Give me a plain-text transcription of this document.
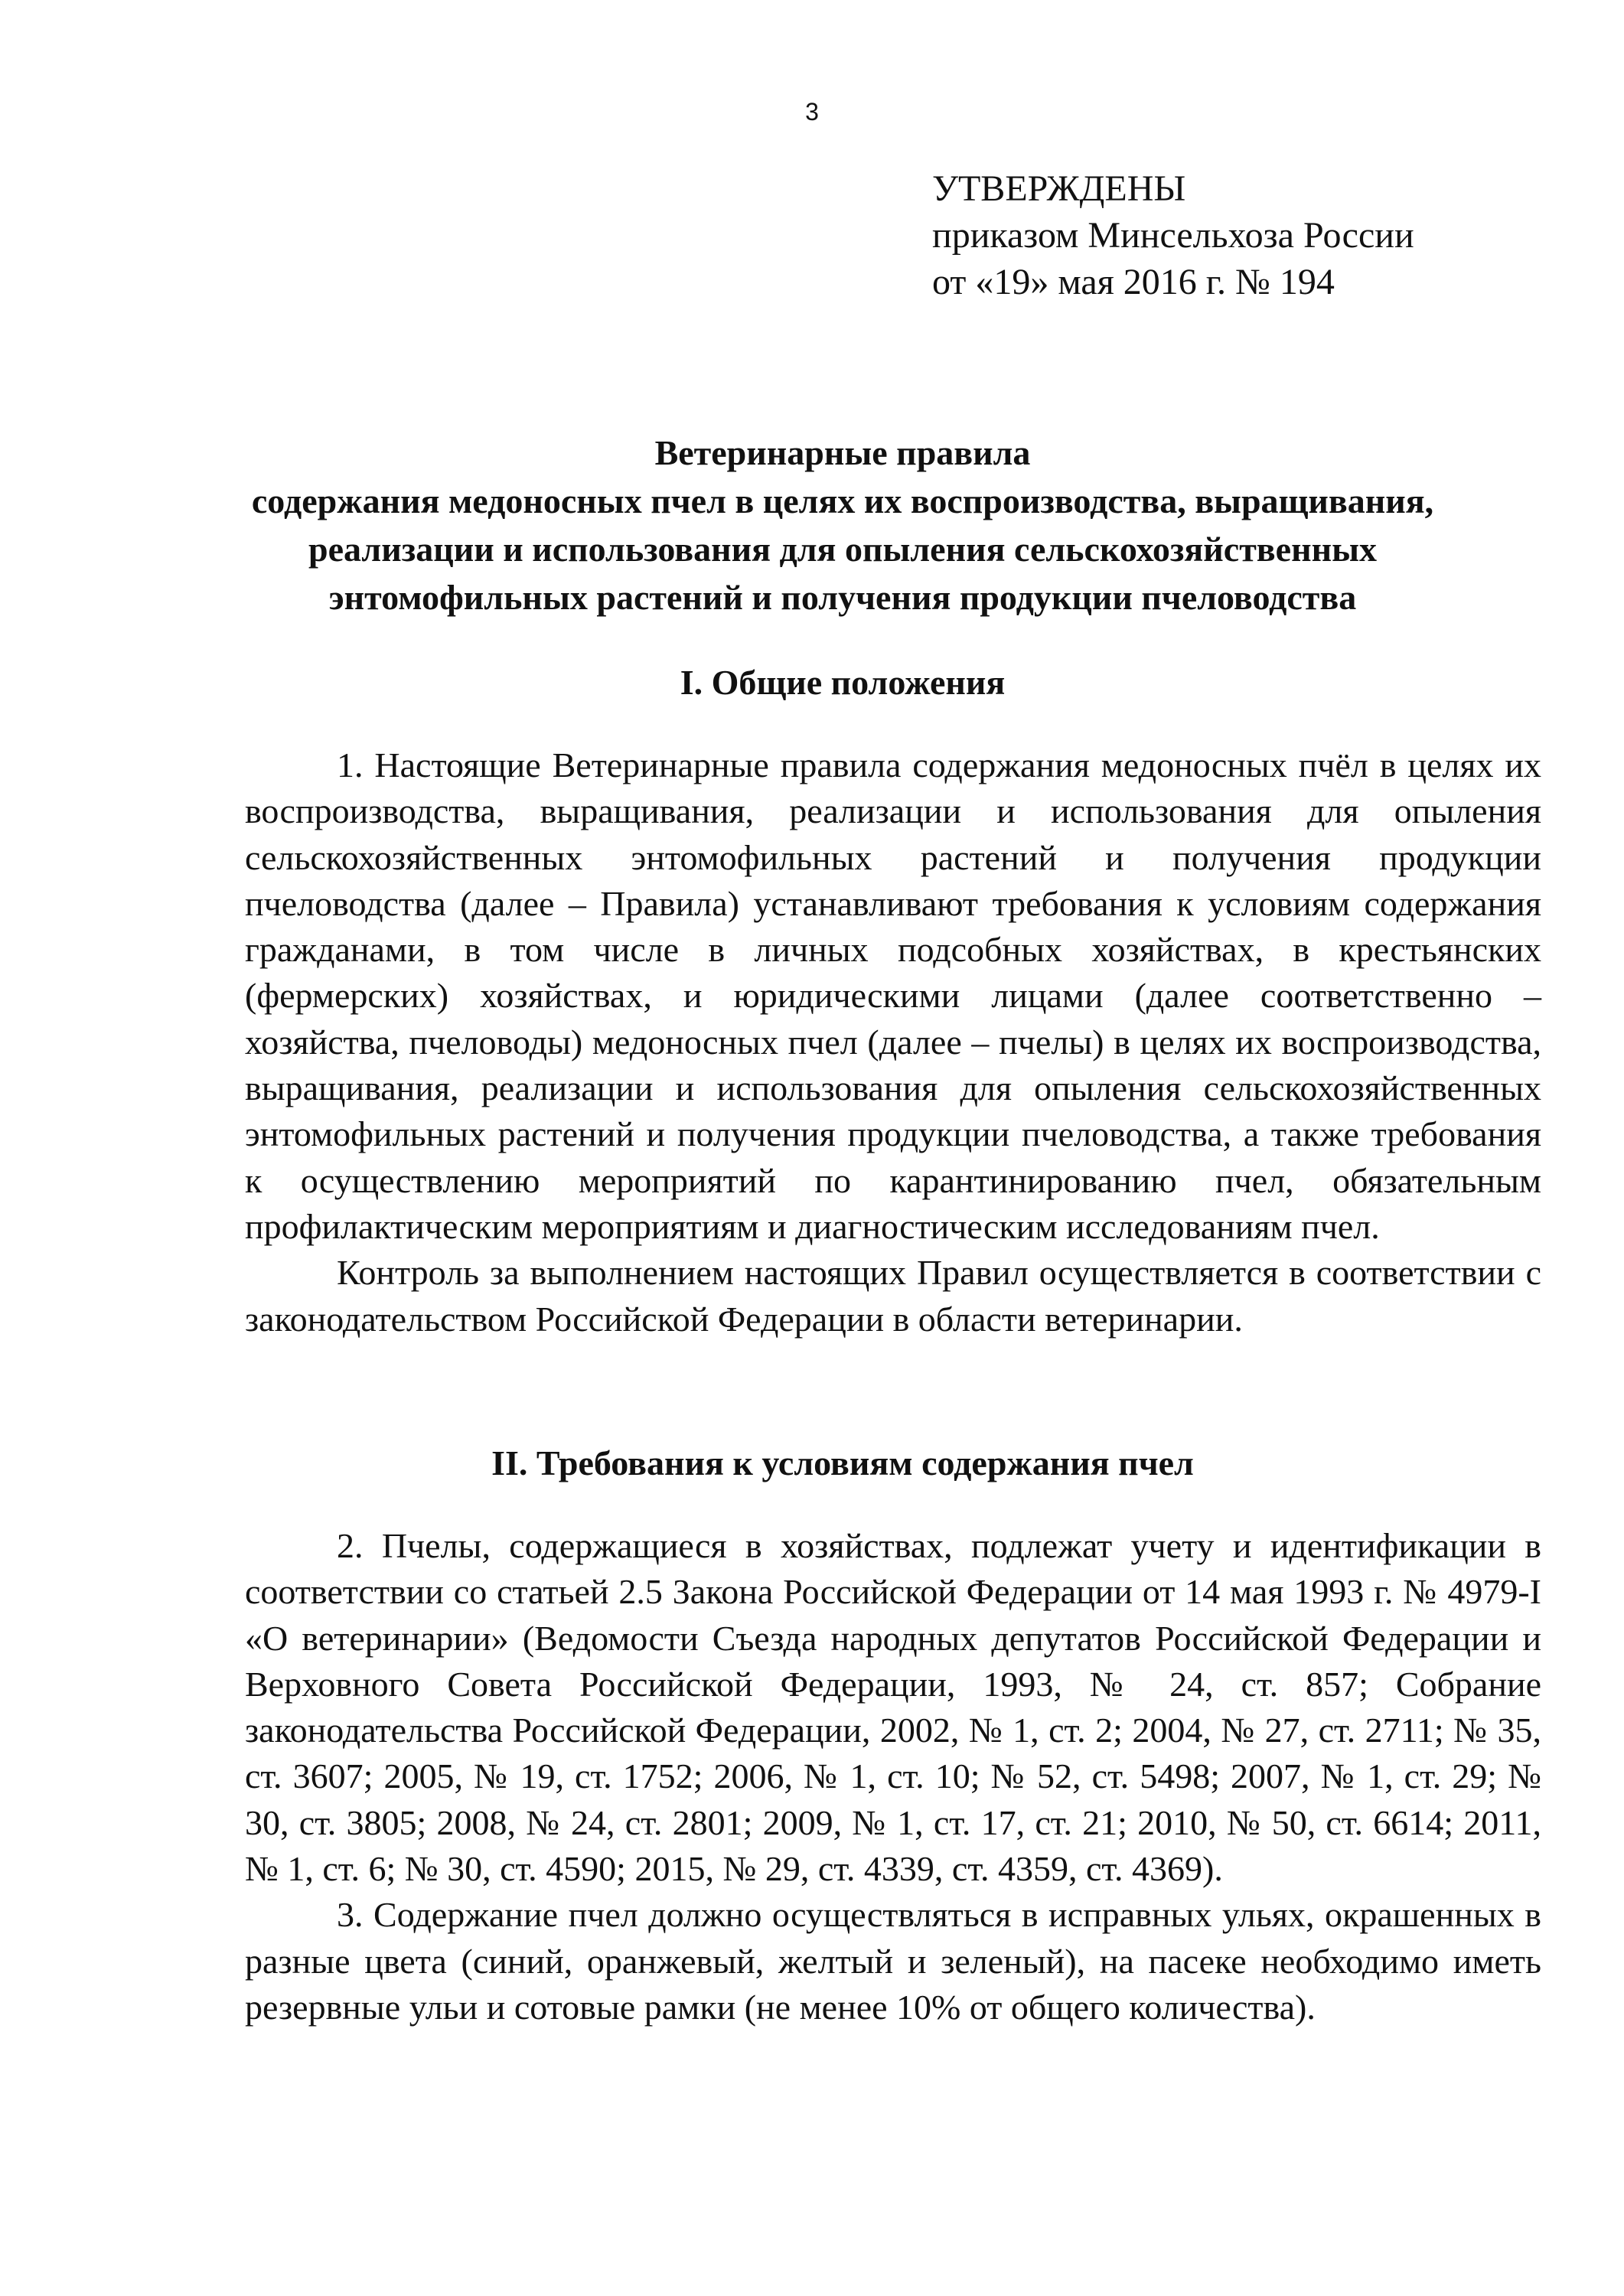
3
УТВЕРЖДЕНЫ
приказом Минсельхоза России
от «19» мая 2016 г. № 194
Ветеринарные правила
содержания медоносных пчел в целях их воспроизводства, выращивания,
реализации и использования для опыления сельскохозяйственных
энтомофильных растений и получения продукции пчеловодства
I. Общие положения

1. Настоящие Ветеринарные правила содержания медоносных пчёл в целях их воспроизводства, выращивания, реализации и использования для опыления сельскохозяйственных энтомофильных растений и получения продукции пчеловодства (далее – Правила) устанавливают требования к условиям содержания гражданами, в том числе в личных подсобных хозяйствах, в крестьянских (фермерских) хозяйствах, и юридическими лицами (далее соответственно – хозяйства, пчеловоды) медоносных пчел (далее – пчелы) в целях их воспроизводства, выращивания, реализации и использования для опыления сельскохозяйственных энтомофильных растений и получения продукции пчеловодства, а также требования к осуществлению мероприятий по карантинированию пчел, обязательным профилактическим мероприятиям и диагностическим исследованиям пчел.

Контроль за выполнением настоящих Правил осуществляется в соответствии с законодательством Российской Федерации в области ветеринарии.

II. Требования к условиям содержания пчел

2. Пчелы, содержащиеся в хозяйствах, подлежат учету и идентификации в соответствии со статьей 2.5 Закона Российской Федерации от 14 мая 1993 г. № 4979-I «О ветеринарии» (Ведомости Съезда народных депутатов Российской Федерации и Верховного Совета Российской Федерации, 1993, № 24, ст. 857; Собрание законодательства Российской Федерации, 2002, № 1, ст. 2; 2004, № 27, ст. 2711; № 35, ст. 3607; 2005, № 19, ст. 1752; 2006, № 1, ст. 10; № 52, ст. 5498; 2007, № 1, ст. 29; № 30, ст. 3805; 2008, № 24, ст. 2801; 2009, № 1, ст. 17, ст. 21; 2010, № 50, ст. 6614; 2011, № 1, ст. 6; № 30, ст. 4590; 2015, № 29, ст. 4339, ст. 4359, ст. 4369).

3. Содержание пчел должно осуществляться в исправных ульях, окрашенных в разные цвета (синий, оранжевый, желтый и зеленый), на пасеке необходимо иметь резервные ульи и сотовые рамки (не менее 10% от общего количества).
